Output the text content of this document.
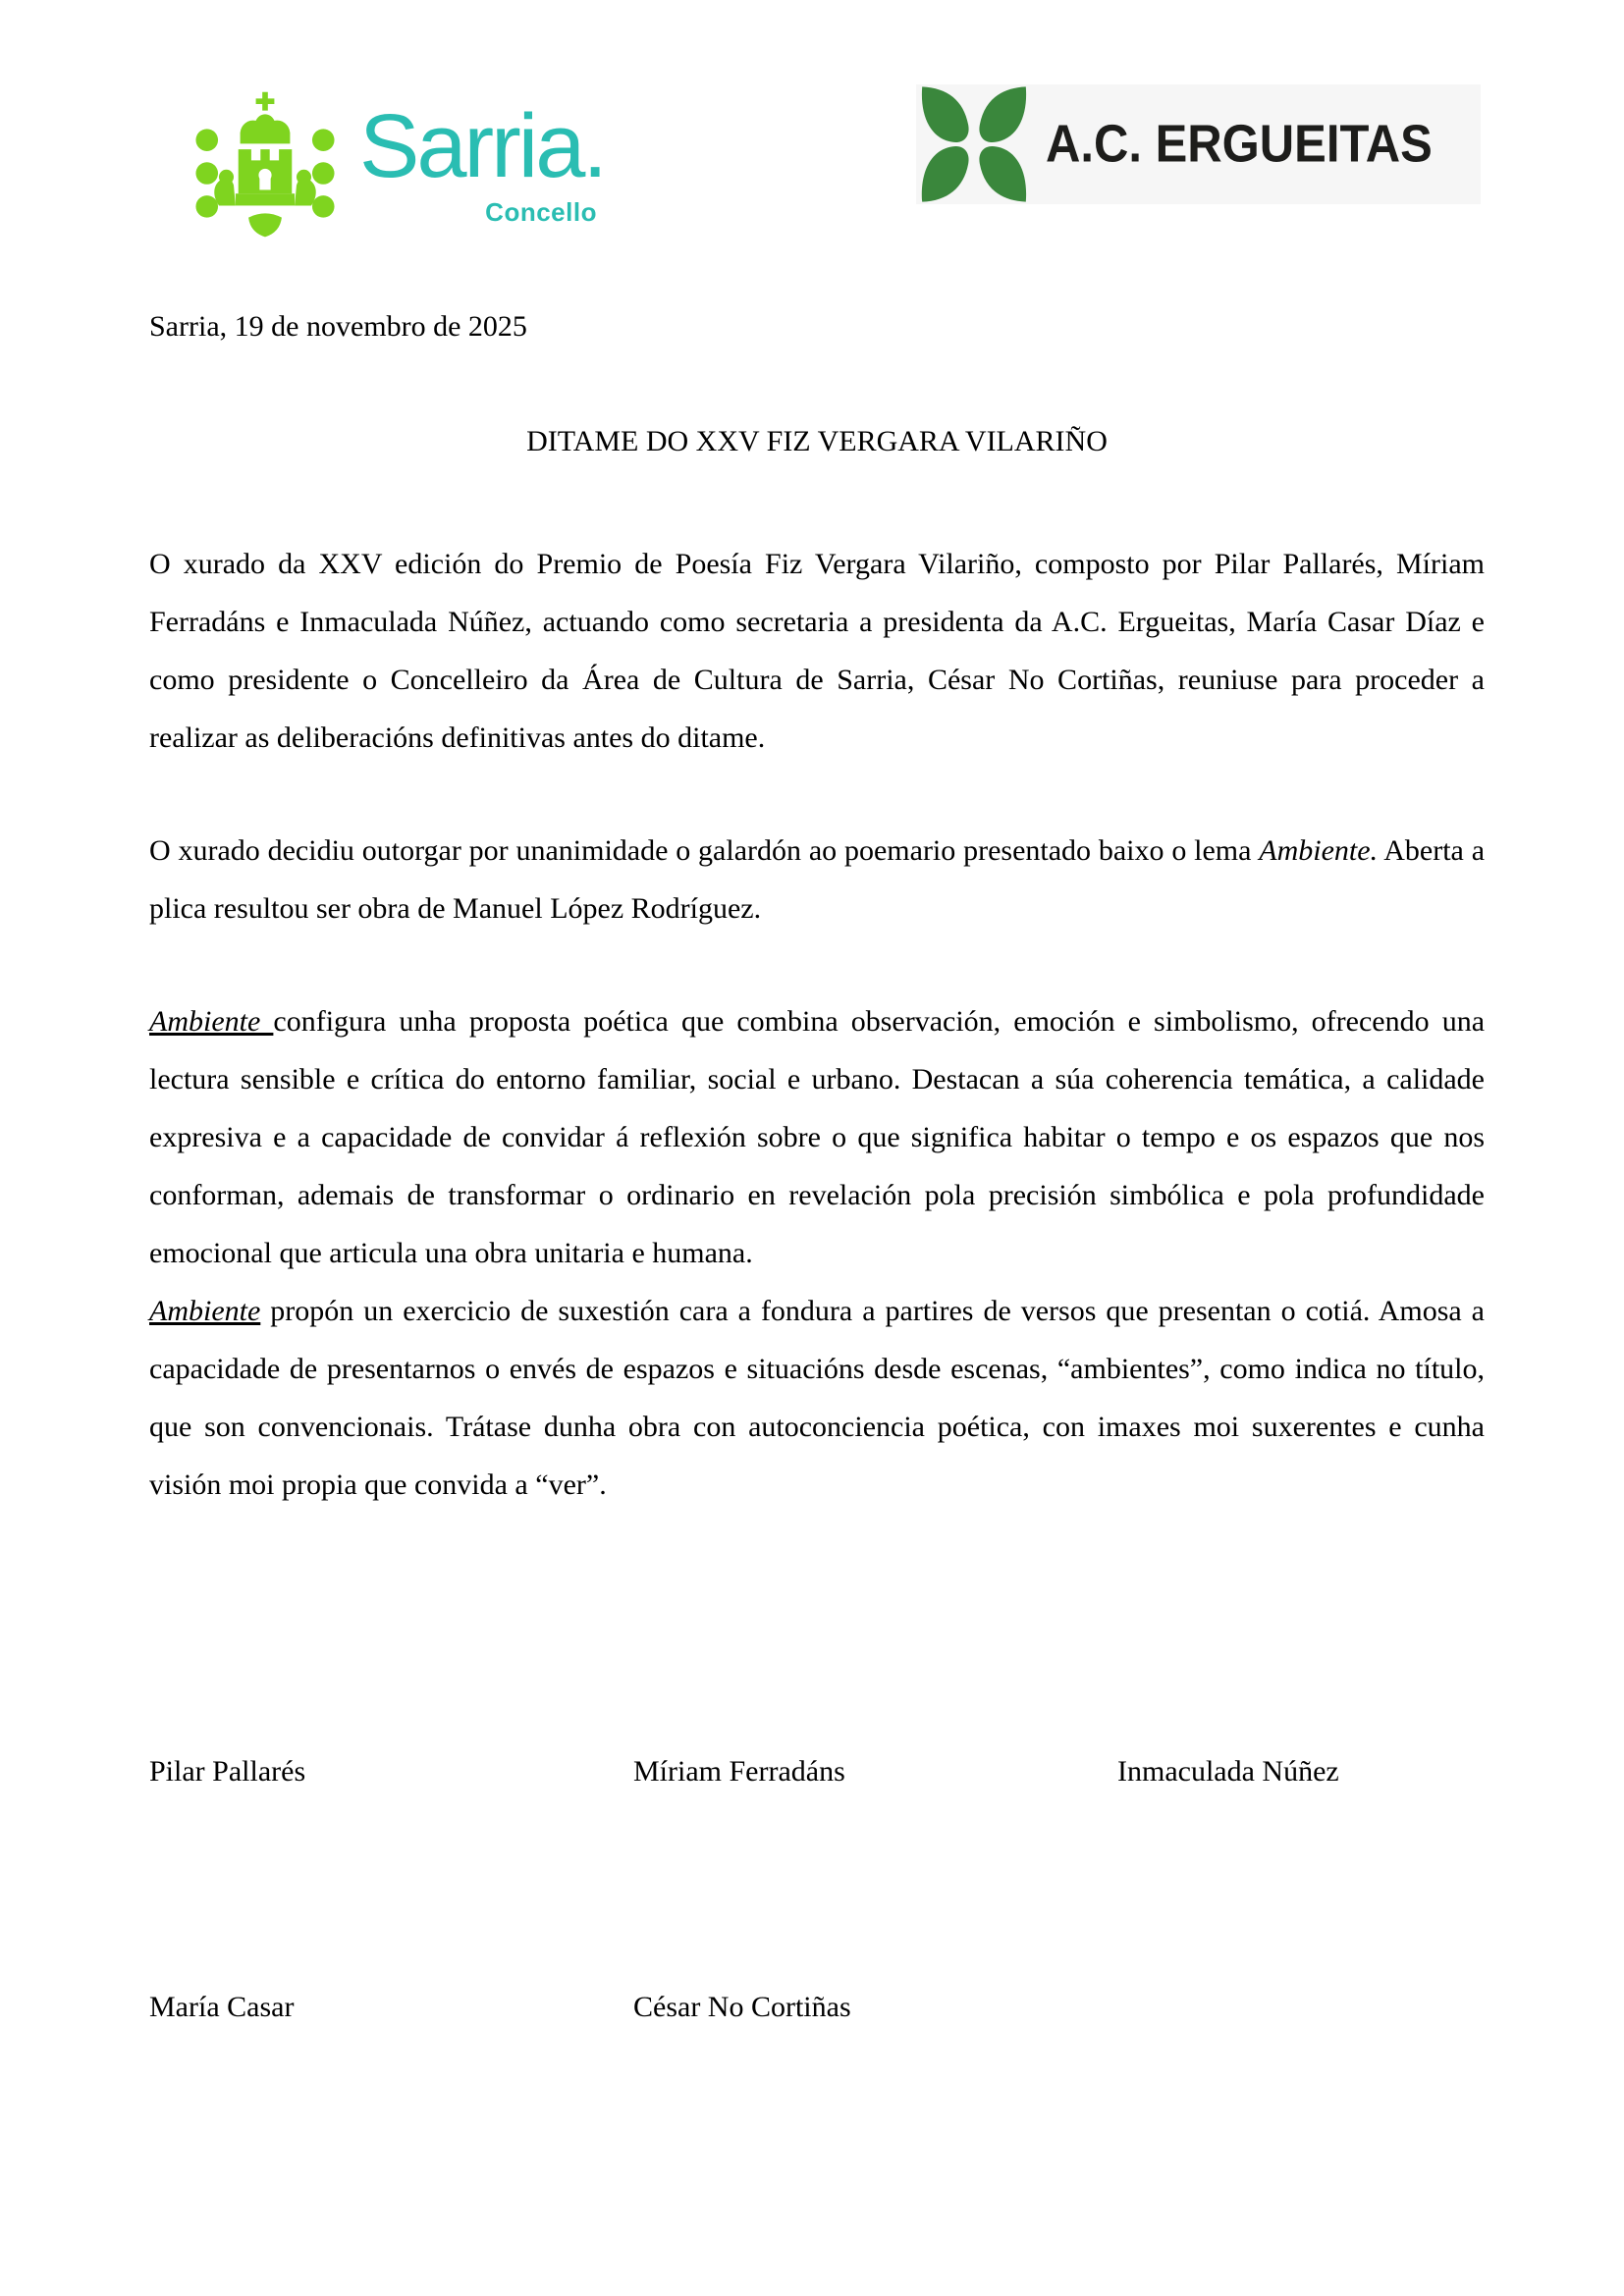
Sarria.
Concello
A.C. ERGUEITAS
Sarria, 19 de novembro de 2025
DITAME DO XXV FIZ VERGARA VILARIÑO

O xurado da XXV edición do Premio de Poesía Fiz Vergara Vilariño, composto por Pilar Pallarés, Míriam Ferradáns e Inmaculada Núñez, actuando como secretaria a presidenta da A.C. Ergueitas, María Casar Díaz e como presidente o Concelleiro da Área de Cultura de Sarria, César No Cortiñas, reuniuse para proceder a realizar as deliberacións definitivas antes do ditame.

O xurado decidiu outorgar por unanimidade o galardón ao poemario presentado baixo o lema Ambiente. Aberta a plica resultou ser obra de Manuel López Rodríguez.

Ambiente configura unha proposta poética que combina observación, emoción e simbolismo, ofrecendo una lectura sensible e crítica do entorno familiar, social e urbano. Destacan a súa coherencia temática, a calidade expresiva e a capacidade de convidar á reflexión sobre o que significa habitar o tempo e os espazos que nos conforman, ademais de transformar o ordinario en revelación pola precisión simbólica e pola profundidade emocional que articula una obra unitaria e humana.

Ambiente propón un exercicio de suxestión cara a fondura a partires de versos que presentan o cotiá. Amosa a capacidade de presentarnos o envés de espazos e situacións desde escenas, “ambientes”, como indica no título, que son convencionais. Trátase dunha obra con autoconciencia poética, con imaxes moi suxerentes e cunha visión moi propia que convida a “ver”.

Pilar Pallarés	Míriam Ferradáns	Inmaculada Núñez
María Casar	César No Cortiñas
